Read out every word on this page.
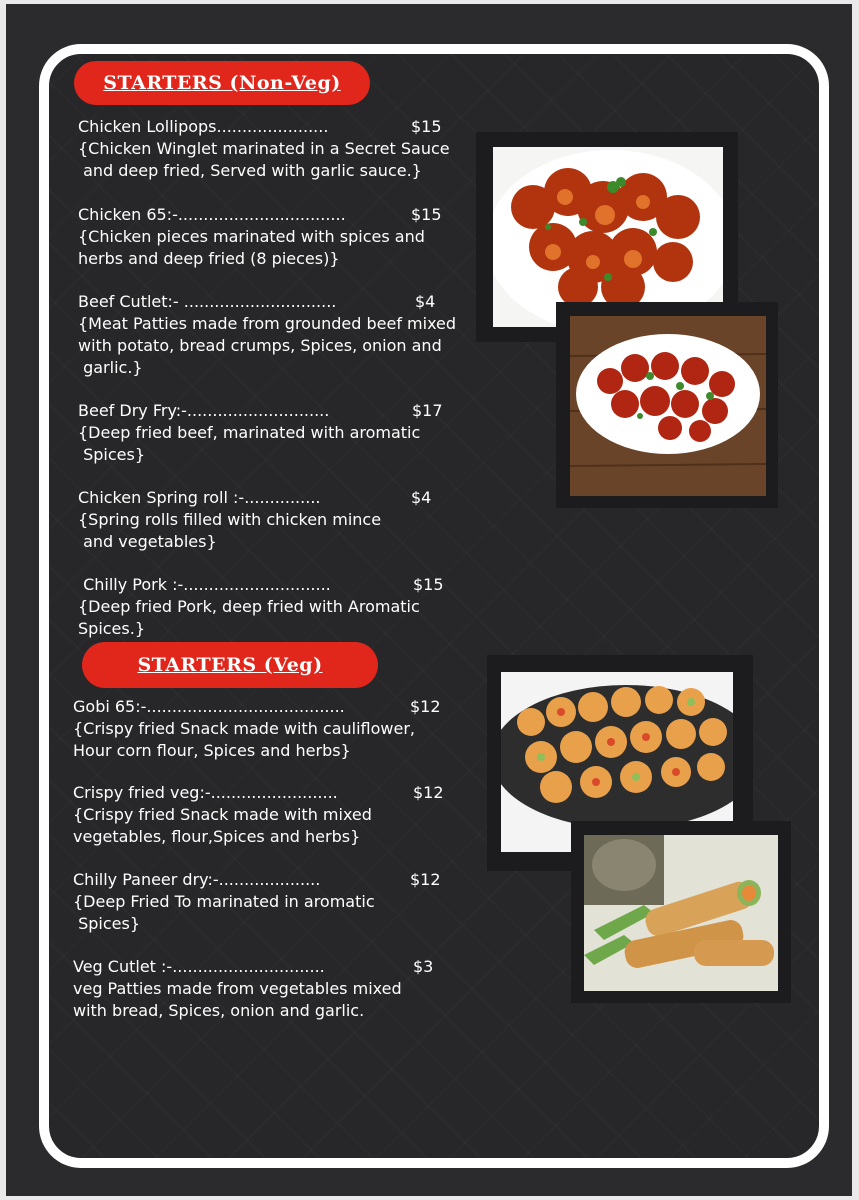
STARTERS (Non-Veg)
Chicken Lollipops......................
{Chicken Winglet marinated in a Secret Sauce
and deep fried, Served with garlic sauce.}
$15
Chicken 65:-.................................
{Chicken pieces marinated with spices and
herbs and deep fried (8 pieces)}
$15
Beef Cutlet:- ..............................
{Meat Patties made from grounded beef mixed
with potato, bread crumps, Spices, onion and
garlic.}
$4
Beef Dry Fry:-............................
{Deep fried beef, marinated with aromatic
Spices}
$17
Chicken Spring roll :-...............
{Spring rolls filled with chicken mince
and vegetables}
$4
Chilly Pork :-.............................
{Deep fried Pork, deep fried with Aromatic
Spices.}
$15
STARTERS (Veg)
Gobi 65:-.......................................
{Crispy fried Snack made with cauliflower,
Hour corn flour, Spices and herbs}
$12
Crispy fried veg:-.........................
{Crispy fried Snack made with mixed
vegetables, flour,Spices and herbs}
$12
Chilly Paneer dry:-....................
{Deep Fried To marinated in aromatic
Spices}
$12
Veg Cutlet :-..............................
veg Patties made from vegetables mixed
with bread, Spices, onion and garlic.
$3
